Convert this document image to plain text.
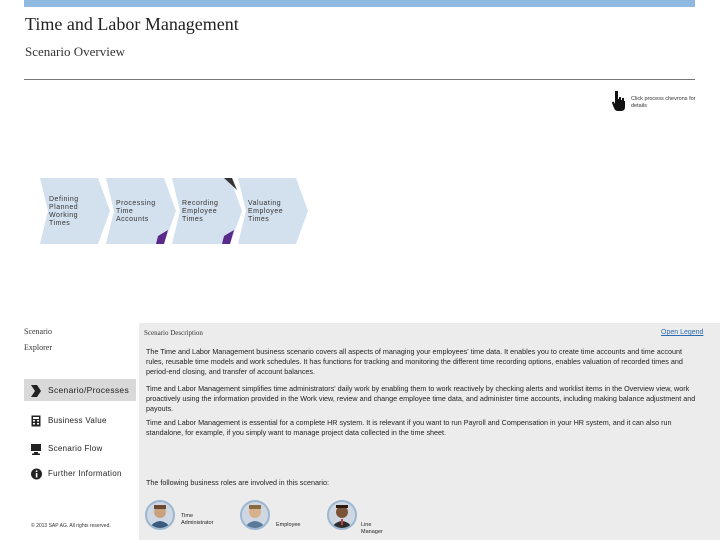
Time and Labor Management
Scenario Overview
Click process chevrons for details
Defining
Planned
Working
Times
Processing
Time
Accounts
Recording
Employee
Times
Valuating
Employee
Times
Scenario
Explorer
Scenario/Processes
Business Value
Scenario Flow
Further Information
© 2013 SAP AG. All rights reserved.
Scenario Description	Open Legend
The Time and Labor Management business scenario covers all aspects of managing your employees' time data. It enables you to create time accounts and time account rules, reusable time models and work schedules. It has functions for tracking and monitoring the different time recording options, enables valuation of recorded times and period-end closing, and transfer of account balances.
Time and Labor Management simplifies time administrators' daily work by enabling them to work reactively by checking alerts and worklist items in the Overview view, work proactively using the information provided in the Work view, review and change employee time data, and administer time accounts, including making balance adjustment and payouts.
Time and Labor Management is essential for a complete HR system. It is relevant if you want to run Payroll and Compensation in your HR system, and it can also run standalone, for example, if you simply want to manage project data collected in the time sheet.
The following business roles are involved in this scenario:
Time
Administrator	Employee	Line Manager
